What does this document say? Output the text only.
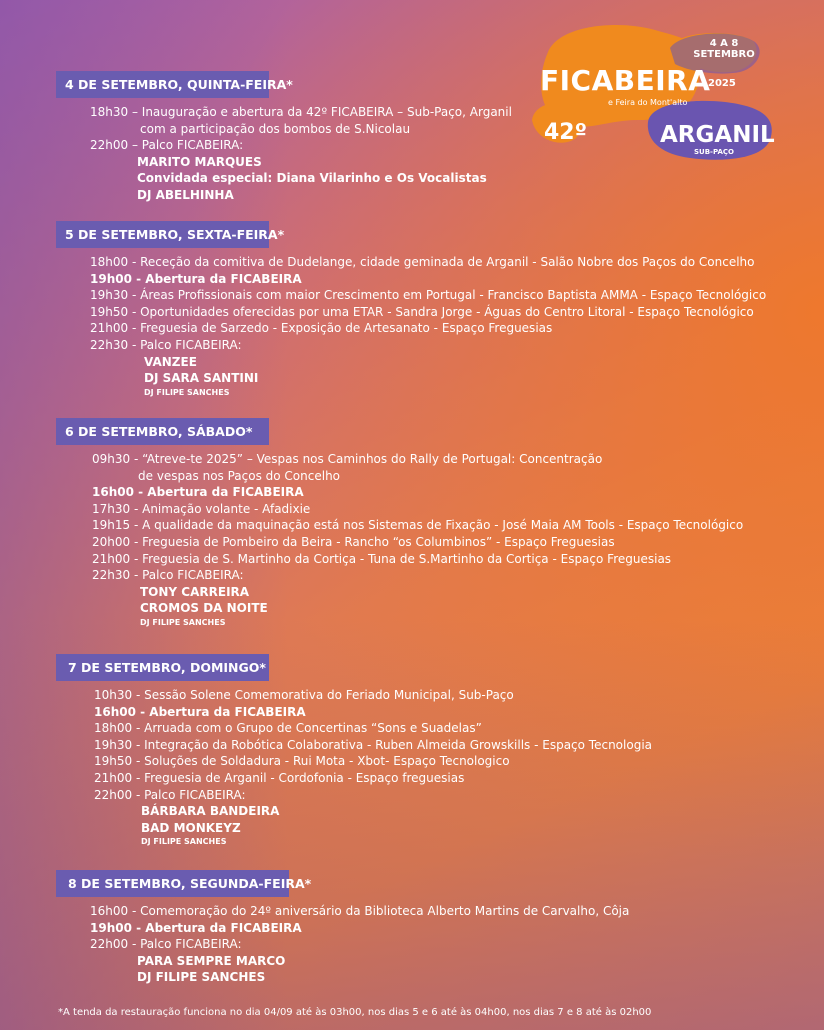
FICABEIRA
e Feira do Mont'alto
42º
4 A 8
SETEMBRO
2025
ARGANIL
SUB-PAÇO
4 DE SETEMBRO, QUINTA-FEIRA*
18h30 – Inauguração e abertura da 42º FICABEIRA – Sub-Paço, Arganil
com a participação dos bombos de S.Nicolau
22h00 – Palco FICABEIRA:
MARITO MARQUES
Convidada especial: Diana Vilarinho e Os Vocalistas
DJ ABELHINHA
5 DE SETEMBRO, SEXTA-FEIRA*
18h00 - Receção da comitiva de Dudelange, cidade geminada de Arganil - Salão Nobre dos Paços do Concelho
19h00 - Abertura da FICABEIRA
19h30 - Áreas Profissionais com maior Crescimento em Portugal - Francisco Baptista AMMA - Espaço Tecnológico
19h50 - Oportunidades oferecidas por uma ETAR - Sandra Jorge - Águas do Centro Litoral - Espaço Tecnológico
21h00 - Freguesia de Sarzedo - Exposição de Artesanato - Espaço Freguesias
22h30 - Palco FICABEIRA:
VANZEE
DJ SARA SANTINI
DJ FILIPE SANCHES
6 DE SETEMBRO, SÁBADO*
09h30 - “Atreve-te 2025” – Vespas nos Caminhos do Rally de Portugal: Concentração
de vespas nos Paços do Concelho
16h00 - Abertura da FICABEIRA
17h30 - Animação volante - Afadixie
19h15 - A qualidade da maquinação está nos Sistemas de Fixação - José Maia AM Tools - Espaço Tecnológico
20h00 - Freguesia de Pombeiro da Beira - Rancho “os Columbinos” - Espaço Freguesias
21h00 - Freguesia de S. Martinho da Cortiça - Tuna de S.Martinho da Cortiça - Espaço Freguesias
22h30 - Palco FICABEIRA:
TONY CARREIRA
CROMOS DA NOITE
DJ FILIPE SANCHES
7 DE SETEMBRO, DOMINGO*
10h30 - Sessão Solene Comemorativa do Feriado Municipal, Sub-Paço
16h00 - Abertura da FICABEIRA
18h00 - Arruada com o Grupo de Concertinas “Sons e Suadelas”
19h30 - Integração da Robótica Colaborativa - Ruben Almeida Growskills - Espaço Tecnologia
19h50 - Soluções de Soldadura - Rui Mota - Xbot- Espaço Tecnologico
21h00 - Freguesia de Arganil - Cordofonia - Espaço freguesias
22h00 - Palco FICABEIRA:
BÁRBARA BANDEIRA
BAD MONKEYZ
DJ FILIPE SANCHES
8 DE SETEMBRO, SEGUNDA-FEIRA*
16h00 - Comemoração do 24º aniversário da Biblioteca Alberto Martins de Carvalho, Côja
19h00 - Abertura da FICABEIRA
22h00 - Palco FICABEIRA:
PARA SEMPRE MARCO
DJ FILIPE SANCHES
*A tenda da restauração funciona no dia 04/09 até às 03h00, nos dias 5 e 6 até às 04h00, nos dias 7 e 8 até às 02h00
